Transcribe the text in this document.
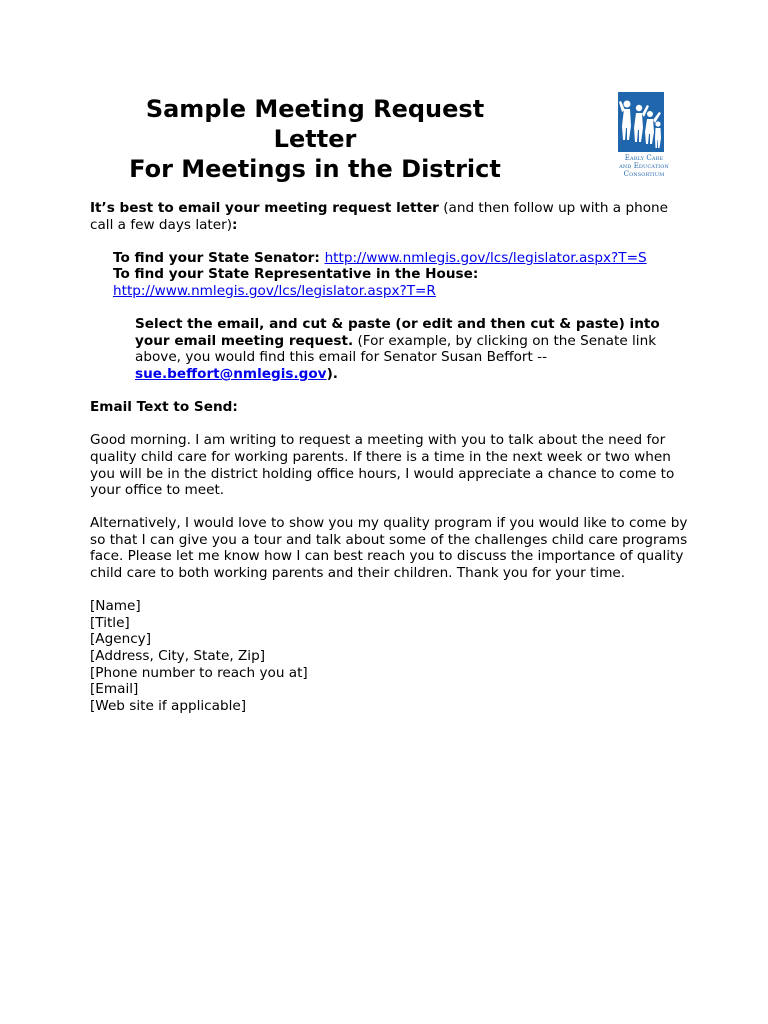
Sample Meeting Request
Letter
For Meetings in the District	Early Care
and Education
Consortium

It’s best to email your meeting request letter (and then follow up with a phone call a few days later):

To find your State Senator: http://www.nmlegis.gov/lcs/legislator.aspx?T=S

To find your State Representative in the House:

http://www.nmlegis.gov/lcs/legislator.aspx?T=R

Select the email, and cut & paste (or edit and then cut & paste) into your email meeting request. (For example, by clicking on the Senate link above, you would find this email for Senator Susan Beffort --
sue.beffort@nmlegis.gov).

Email Text to Send:

Good morning. I am writing to request a meeting with you to talk about the need for quality child care for working parents. If there is a time in the next week or two when you will be in the district holding office hours, I would appreciate a chance to come to your office to meet.

Alternatively, I would love to show you my quality program if you would like to come by so that I can give you a tour and talk about some of the challenges child care programs face. Please let me know how I can best reach you to discuss the importance of quality child care to both working parents and their children. Thank you for your time.

[Name]
[Title]
[Agency]
[Address, City, State, Zip]
[Phone number to reach you at]
[Email]
[Web site if applicable]
